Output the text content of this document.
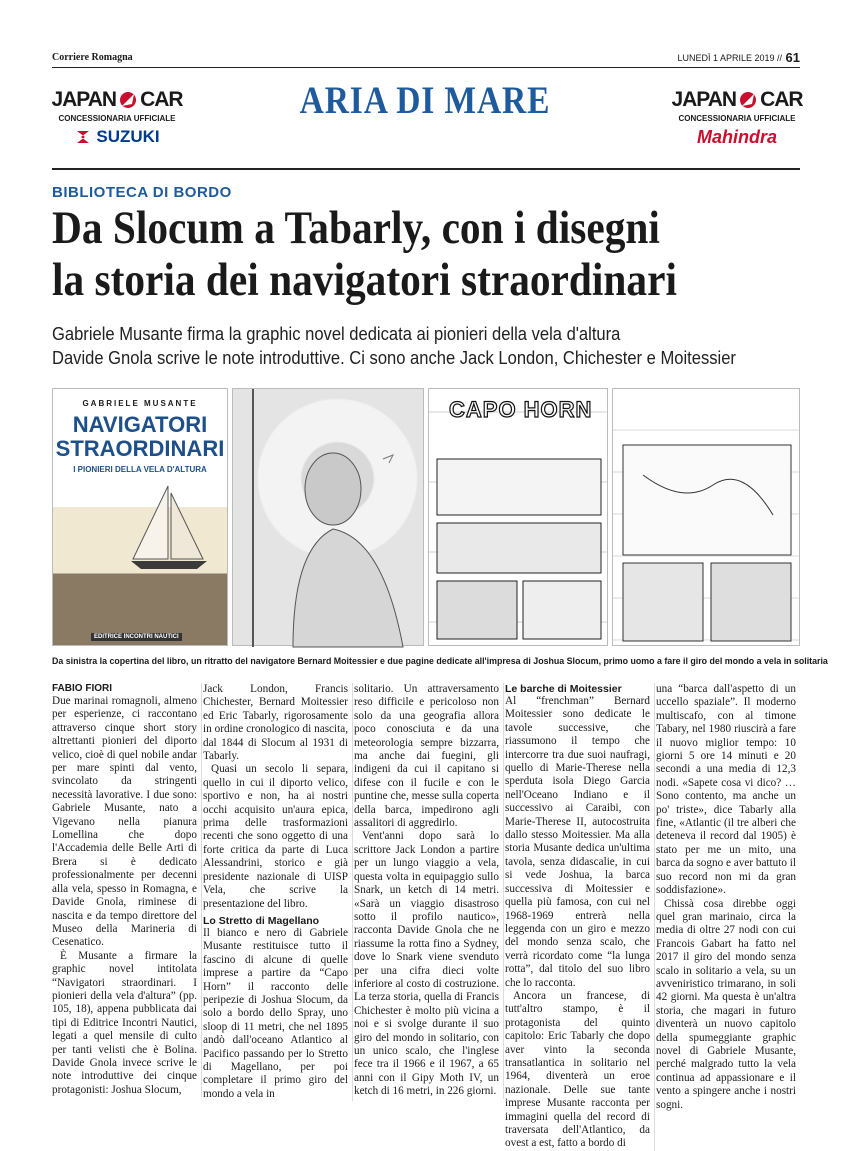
Corriere Romagna	LUNEDÌ 1 APRILE 2019 // 61
JAPAN CAR
CONCESSIONARIA UFFICIALE
SUZUKI
ARIA DI MARE	JAPAN CAR
CONCESSIONARIA UFFICIALE
Mahindra
BIBLIOTECA DI BORDO
Da Slocum a Tabarly, con i disegni
la storia dei navigatori straordinari
Gabriele Musante firma la graphic novel dedicata ai pionieri della vela d'altura
Davide Gnola scrive le note introduttive. Ci sono anche Jack London, Chichester e Moitessier
GABRIELE MUSANTE
NAVIGATORI
STRAORDINARI
I PIONIERI DELLA VELA D'ALTURA
EDITRICE INCONTRI NAUTICI
CAPO HORN
Da sinistra la copertina del libro, un ritratto del navigatore Bernard Moitessier e due pagine dedicate all'impresa di Joshua Slocum, primo uomo a fare il giro del mondo a vela in solitaria
FABIO FIORI

Due marinai romagnoli, almeno per esperienze, ci raccontano attraverso cinque short story altrettanti pionieri del diporto velico, cioè di quel nobile andar per mare spinti dal vento, svincolato da stringenti necessità lavorative. I due sono: Gabriele Musante, nato a Vigevano nella pianura Lomellina che dopo l'Accademia delle Belle Arti di Brera si è dedicato professionalmente per decenni alla vela, spesso in Romagna, e Davide Gnola, riminese di nascita e da tempo direttore del Museo della Marineria di Cesenatico.

È Musante a firmare la graphic novel intitolata “Navigatori straordinari. I pionieri della vela d'altura” (pp. 105, 18), appena pubblicata dai tipi di Editrice Incontri Nautici, legati a quel mensile di culto per tanti velisti che è Bolina. Davide Gnola invece scrive le note introduttive dei cinque protagonisti: Joshua Slocum,

Jack London, Francis Chichester, Bernard Moitessier ed Eric Tabarly, rigorosamente in ordine cronologico di nascita, dal 1844 di Slocum al 1931 di Tabarly.

Quasi un secolo li separa, quello in cui il diporto velico, sportivo e non, ha ai nostri occhi acquisito un'aura epica, prima delle trasformazioni recenti che sono oggetto di una forte critica da parte di Luca Alessandrini, storico e già presidente nazionale di UISP Vela, che scrive la presentazione del libro.

Lo Stretto di Magellano

Il bianco e nero di Gabriele Musante restituisce tutto il fascino di alcune di quelle imprese a partire da “Capo Horn” il racconto delle peripezie di Joshua Slocum, da solo a bordo dello Spray, uno sloop di 11 metri, che nel 1895 andò dall'oceano Atlantico al Pacifico passando per lo Stretto di Magellano, per poi completare il primo giro del mondo a vela in

solitario. Un attraversamento reso difficile e pericoloso non solo da una geografia allora poco conosciuta e da una meteorologia sempre bizzarra, ma anche dai fuegini, gli indigeni da cui il capitano si difese con il fucile e con le puntine che, messe sulla coperta della barca, impedirono agli assalitori di aggredirlo.

Vent'anni dopo sarà lo scrittore Jack London a partire per un lungo viaggio a vela, questa volta in equipaggio sullo Snark, un ketch di 14 metri. «Sarà un viaggio disastroso sotto il profilo nautico», racconta Davide Gnola che ne riassume la rotta fino a Sydney, dove lo Snark viene svenduto per una cifra dieci volte inferiore al costo di costruzione. La terza storia, quella di Francis Chichester è molto più vicina a noi e si svolge durante il suo giro del mondo in solitario, con un unico scalo, che l'inglese fece tra il 1966 e il 1967, a 65 anni con il Gipy Moth IV, un ketch di 16 metri, in 226 giorni.

Le barche di Moitessier

Al “frenchman” Bernard Moitessier sono dedicate le tavole successive, che riassumono il tempo che intercorre tra due suoi naufragi, quello di Marie-Therese nella sperduta isola Diego Garcia nell'Oceano Indiano e il successivo ai Caraibi, con Marie-Therese II, autocostruita dallo stesso Moitessier. Ma alla storia Musante dedica un'ultima tavola, senza didascalie, in cui si vede Joshua, la barca successiva di Moitessier e quella più famosa, con cui nel 1968-1969 entrerà nella leggenda con un giro e mezzo del mondo senza scalo, che verrà ricordato come “la lunga rotta”, dal titolo del suo libro che lo racconta.

Ancora un francese, di tutt'altro stampo, è il protagonista del quinto capitolo: Eric Tabarly che dopo aver vinto la seconda transatlantica in solitario nel 1964, diventerà un eroe nazionale. Delle sue tante imprese Musante racconta per immagini quella del record di traversata dell'Atlantico, da ovest a est, fatto a bordo di

una “barca dall'aspetto di un uccello spaziale”. Il moderno multiscafo, con al timone Tabary, nel 1980 riuscirà a fare il nuovo miglior tempo: 10 giorni 5 ore 14 minuti e 20 secondi a una media di 12,3 nodi. «Sapete cosa vi dico? … Sono contento, ma anche un po' triste», dice Tabarly alla fine, «Atlantic (il tre alberi che deteneva il record dal 1905) è stato per me un mito, una barca da sogno e aver battuto il suo record non mi da gran soddisfazione».

Chissà cosa direbbe oggi quel gran marinaio, circa la media di oltre 27 nodi con cui Francois Gabart ha fatto nel 2017 il giro del mondo senza scalo in solitario a vela, su un avveniristico trimarano, in soli 42 giorni. Ma questa è un'altra storia, che magari in futuro diventerà un nuovo capitolo della spumeggiante graphic novel di Gabriele Musante, perché malgrado tutto la vela continua ad appassionare e il vento a spingere anche i nostri sogni.
